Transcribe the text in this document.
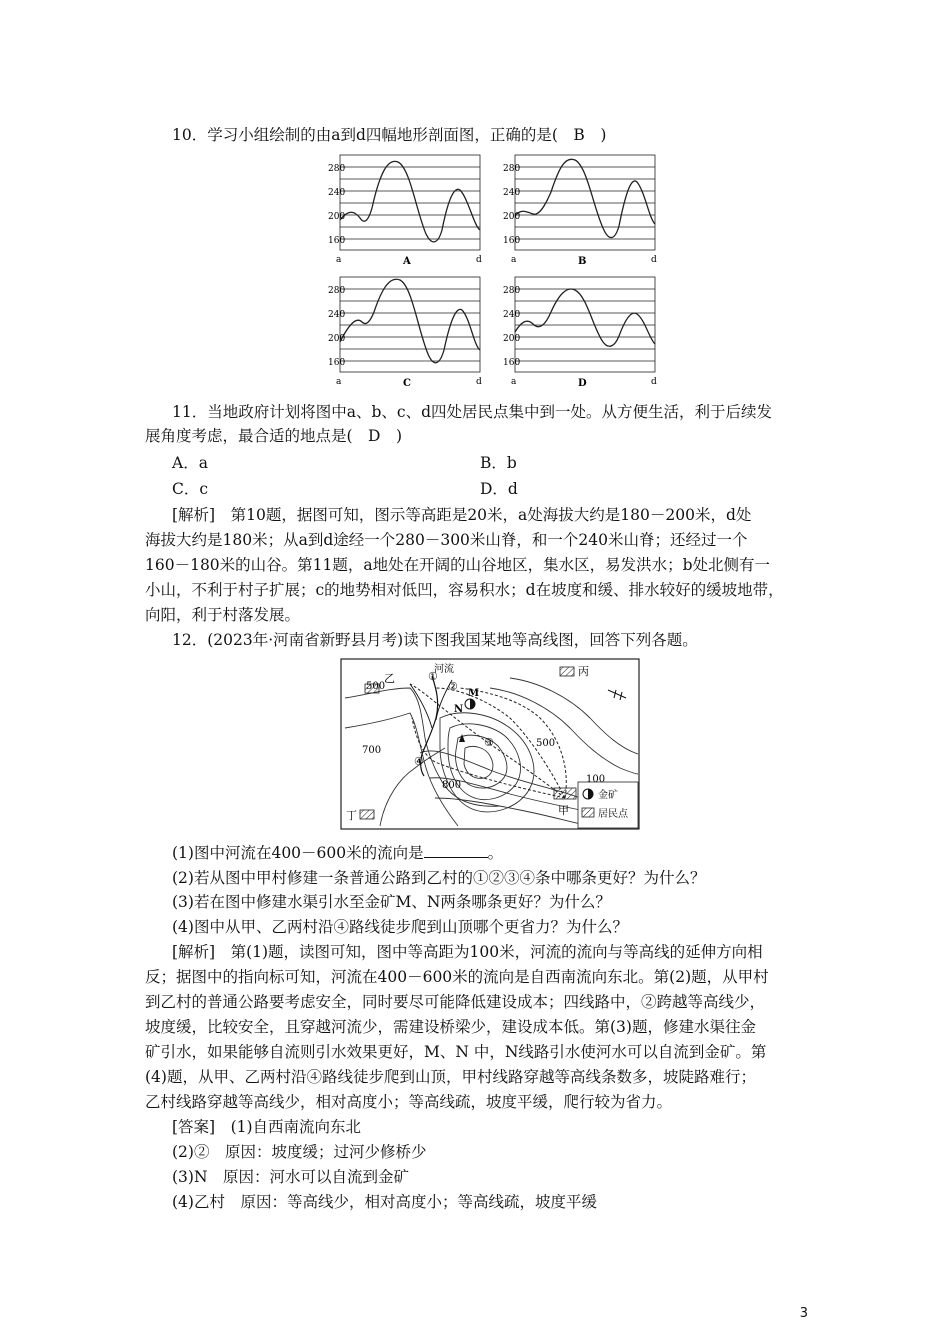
10．学习小组绘制的由a到d四幅地形剖面图，正确的是(　B　)
280
240
200
160
a	d
A
280
240
200
160
a	d
B
280
240
200
160
a	d
C
280
240
200
160
a	d
D
11．当地政府计划将图中a、b、c、d四处居民点集中到一处。从方便生活，利于后续发
展角度考虑，最合适的地点是(　D　)
A．a	B．b
C．c	D．d
[解析]　第10题，据图可知，图示等高距是20米，a处海拔大约是180－200米，d处
海拔大约是180米；从a到d途经一个280－300米山脊，和一个240米山脊；还经过一个
160－180米的山谷。第11题，a地处在开阔的山谷地区，集水区，易发洪水；b处北侧有一
小山，不利于村子扩展；c的地势相对低凹，容易积水；d在坡度和缓、排水较好的缓坡地带，
向阳，利于村落发展。
12．(2023年·河南省新野县月考)读下图我国某地等高线图，回答下列各题。
金矿
居民点
河流
乙
丙
丁	甲
M
N
①
②
③
④
500
700
800
500
100
(1)图中河流在400－600米的流向是	。
(2)若从图中甲村修建一条普通公路到乙村的①②③④条中哪条更好？为什么？
(3)若在图中修建水渠引水至金矿M、N两条哪条更好？为什么？
(4)图中从甲、乙两村沿④路线徒步爬到山顶哪个更省力？为什么？
[解析]　第(1)题，读图可知，图中等高距为100米，河流的流向与等高线的延伸方向相
反；据图中的指向标可知，河流在400－600米的流向是自西南流向东北。第(2)题，从甲村
到乙村的普通公路要考虑安全，同时要尽可能降低建设成本；四线路中，②跨越等高线少，
坡度缓，比较安全，且穿越河流少，需建设桥梁少，建设成本低。第(3)题，修建水渠往金
矿引水，如果能够自流则引水效果更好，M、N 中，N线路引水使河水可以自流到金矿。第
(4)题，从甲、乙两村沿④路线徒步爬到山顶，甲村线路穿越等高线条数多，坡陡路难行；
乙村线路穿越等高线少，相对高度小；等高线疏，坡度平缓，爬行较为省力。
[答案]　(1)自西南流向东北
(2)②　原因：坡度缓；过河少修桥少
(3)N　原因：河水可以自流到金矿
(4)乙村　原因：等高线少，相对高度小；等高线疏，坡度平缓
3
